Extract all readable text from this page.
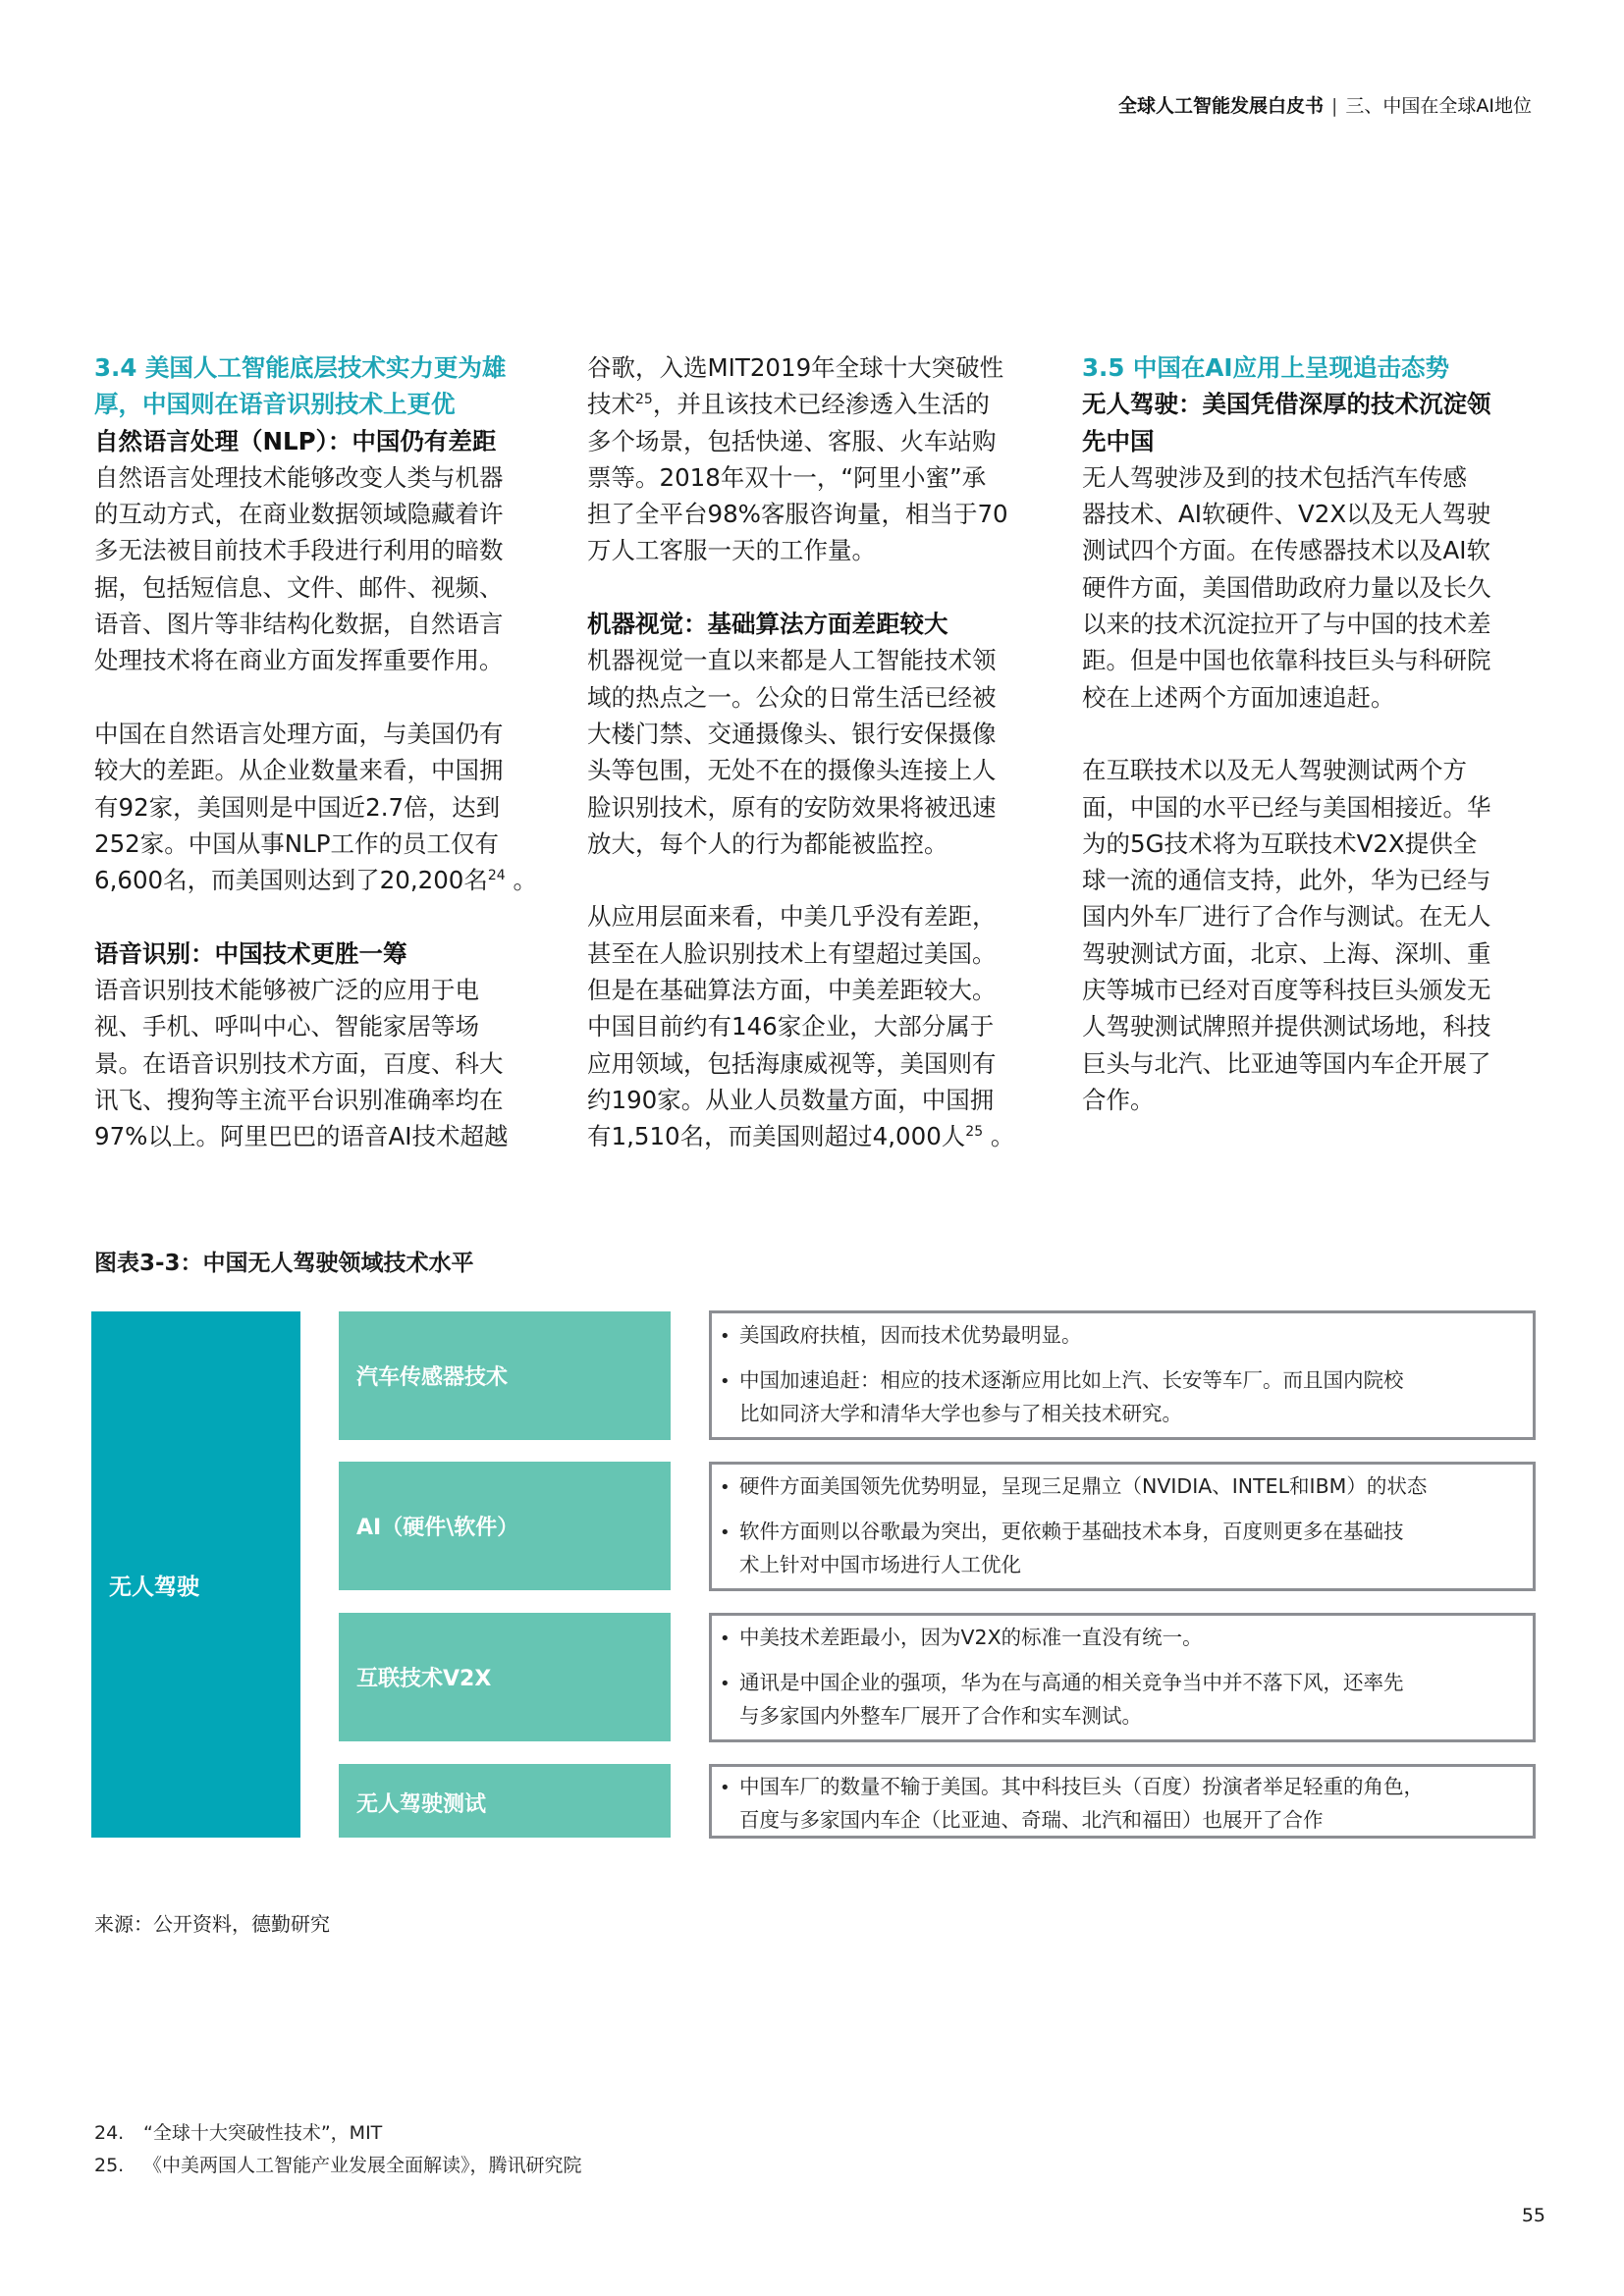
全球人工智能发展白皮书 | 三、中国在全球AI地位
3.4 美国人工智能底层技术实力更为雄
厚，中国则在语音识别技术上更优
自然语言处理（NLP）：中国仍有差距
自然语言处理技术能够改变人类与机器
的互动方式，在商业数据领域隐藏着许
多无法被目前技术手段进行利用的暗数
据，包括短信息、文件、邮件、视频、
语音、图片等非结构化数据，自然语言
处理技术将在商业方面发挥重要作用。
中国在自然语言处理方面，与美国仍有
较大的差距。从企业数量来看，中国拥
有92家，美国则是中国近2.7倍，达到
252家。中国从事NLP工作的员工仅有
6,600名，而美国则达到了20,200名$^{24}$ 。
语音识别：中国技术更胜一筹
语音识别技术能够被广泛的应用于电
视、手机、呼叫中心、智能家居等场
景。在语音识别技术方面，百度、科大
讯飞、搜狗等主流平台识别准确率均在
97%以上。阿里巴巴的语音AI技术超越
谷歌，入选MIT2019年全球十大突破性
技术$^{25}$，并且该技术已经渗透入生活的
多个场景，包括快递、客服、火车站购
票等。2018年双十一，“阿里小蜜”承
担了全平台98%客服咨询量，相当于70
万人工客服一天的工作量。
机器视觉：基础算法方面差距较大
机器视觉一直以来都是人工智能技术领
域的热点之一。公众的日常生活已经被
大楼门禁、交通摄像头、银行安保摄像
头等包围，无处不在的摄像头连接上人
脸识别技术，原有的安防效果将被迅速
放大，每个人的行为都能被监控。
从应用层面来看，中美几乎没有差距，
甚至在人脸识别技术上有望超过美国。
但是在基础算法方面，中美差距较大。
中国目前约有146家企业，大部分属于
应用领域，包括海康威视等，美国则有
约190家。从业人员数量方面，中国拥
有1,510名，而美国则超过4,000人$^{25}$ 。
3.5 中国在AI应用上呈现追击态势
无人驾驶：美国凭借深厚的技术沉淀领
先中国
无人驾驶涉及到的技术包括汽车传感
器技术、AI软硬件、V2X以及无人驾驶
测试四个方面。在传感器技术以及AI软
硬件方面，美国借助政府力量以及长久
以来的技术沉淀拉开了与中国的技术差
距。但是中国也依靠科技巨头与科研院
校在上述两个方面加速追赶。
在互联技术以及无人驾驶测试两个方
面，中国的水平已经与美国相接近。华
为的5G技术将为互联技术V2X提供全
球一流的通信支持，此外，华为已经与
国内外车厂进行了合作与测试。在无人
驾驶测试方面，北京、上海、深圳、重
庆等城市已经对百度等科技巨头颁发无
人驾驶测试牌照并提供测试场地，科技
巨头与北汽、比亚迪等国内车企开展了
合作。
图表3-3：中国无人驾驶领域技术水平
无人驾驶
汽车传感器技术
AI（硬件\软件）
互联技术V2X
无人驾驶测试
• 美国政府扶植，因而技术优势最明显。
• 中国加速追赶：相应的技术逐渐应用比如上汽、长安等车厂。而且国内院校
比如同济大学和清华大学也参与了相关技术研究。
• 硬件方面美国领先优势明显，呈现三足鼎立（NVIDIA、INTEL和IBM）的状态
• 软件方面则以谷歌最为突出，更依赖于基础技术本身，百度则更多在基础技
术上针对中国市场进行人工优化
• 中美技术差距最小，因为V2X的标准一直没有统一。
• 通讯是中国企业的强项，华为在与高通的相关竞争当中并不落下风，还率先
与多家国内外整车厂展开了合作和实车测试。
• 中国车厂的数量不输于美国。其中科技巨头（百度）扮演者举足轻重的角色，
百度与多家国内车企（比亚迪、奇瑞、北汽和福田）也展开了合作
来源：公开资料，德勤研究
24. “全球十大突破性技术”，MIT
25. 《中美两国人工智能产业发展全面解读》，腾讯研究院
55
